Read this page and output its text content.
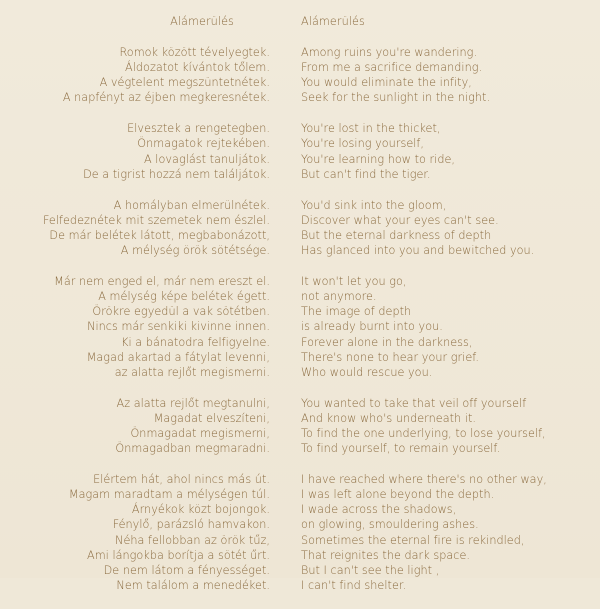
Alámerülés
Romok között tévelyegtek.
Áldozatot kívántok tőlem.
A végtelent megszüntetnétek.
A napfényt az éjben megkeresnétek.
Elvesztek a rengetegben.
Önmagatok rejtekében.
A lovaglást tanuljátok.
De a tigrist hozzá nem találjátok.
A homályban elmerülnétek.
Felfedeznétek mit szemetek nem észlel.
De már belétek látott, megbabonázott,
A mélység örök sötétsége.
Már nem enged el, már nem ereszt el.
A mélység képe belétek égett.
Örökre egyedül a vak sötétben.
Nincs már senkiki kivinne innen.
Ki a bánatodra felfigyelne.
Magad akartad a fátylat levenni,
az alatta rejlőt megismerni.
Az alatta rejlőt megtanulni,
Magadat elveszíteni,
Önmagadat megismerni,
Önmagadban megmaradni.
Elértem hát, ahol nincs más út.
Magam maradtam a mélységen túl.
Árnyékok közt bojongok.
Fénylő, parázsló hamvakon.
Néha fellobban az örök tűz,
Ami lángokba borítja a sötét űrt.
De nem látom a fényességet.
Nem találom a menedéket.
Alámerülés
Among ruins you're wandering.
From me a sacrifice demanding.
You would eliminate the infity,
Seek for the sunlight in the night.
You're lost in the thicket,
You're losing yourself,
You're learning how to ride,
But can't find the tiger.
You'd sink into the gloom,
Discover what your eyes can't see.
But the eternal darkness of depth
Has glanced into you and bewitched you.
It won't let you go,
not anymore.
The image of depth
is already burnt into you.
Forever alone in the darkness,
There's none to hear your grief.
Who would rescue you.
You wanted to take that veil off yourself
And know who's underneath it.
To find the one underlying, to lose yourself,
To find yourself, to remain yourself.
I have reached where there's no other way,
I was left alone beyond the depth.
I wade across the shadows,
on glowing, smouldering ashes.
Sometimes the eternal fire is rekindled,
That reignites the dark space.
But I can't see the light ,
I can't find shelter.
